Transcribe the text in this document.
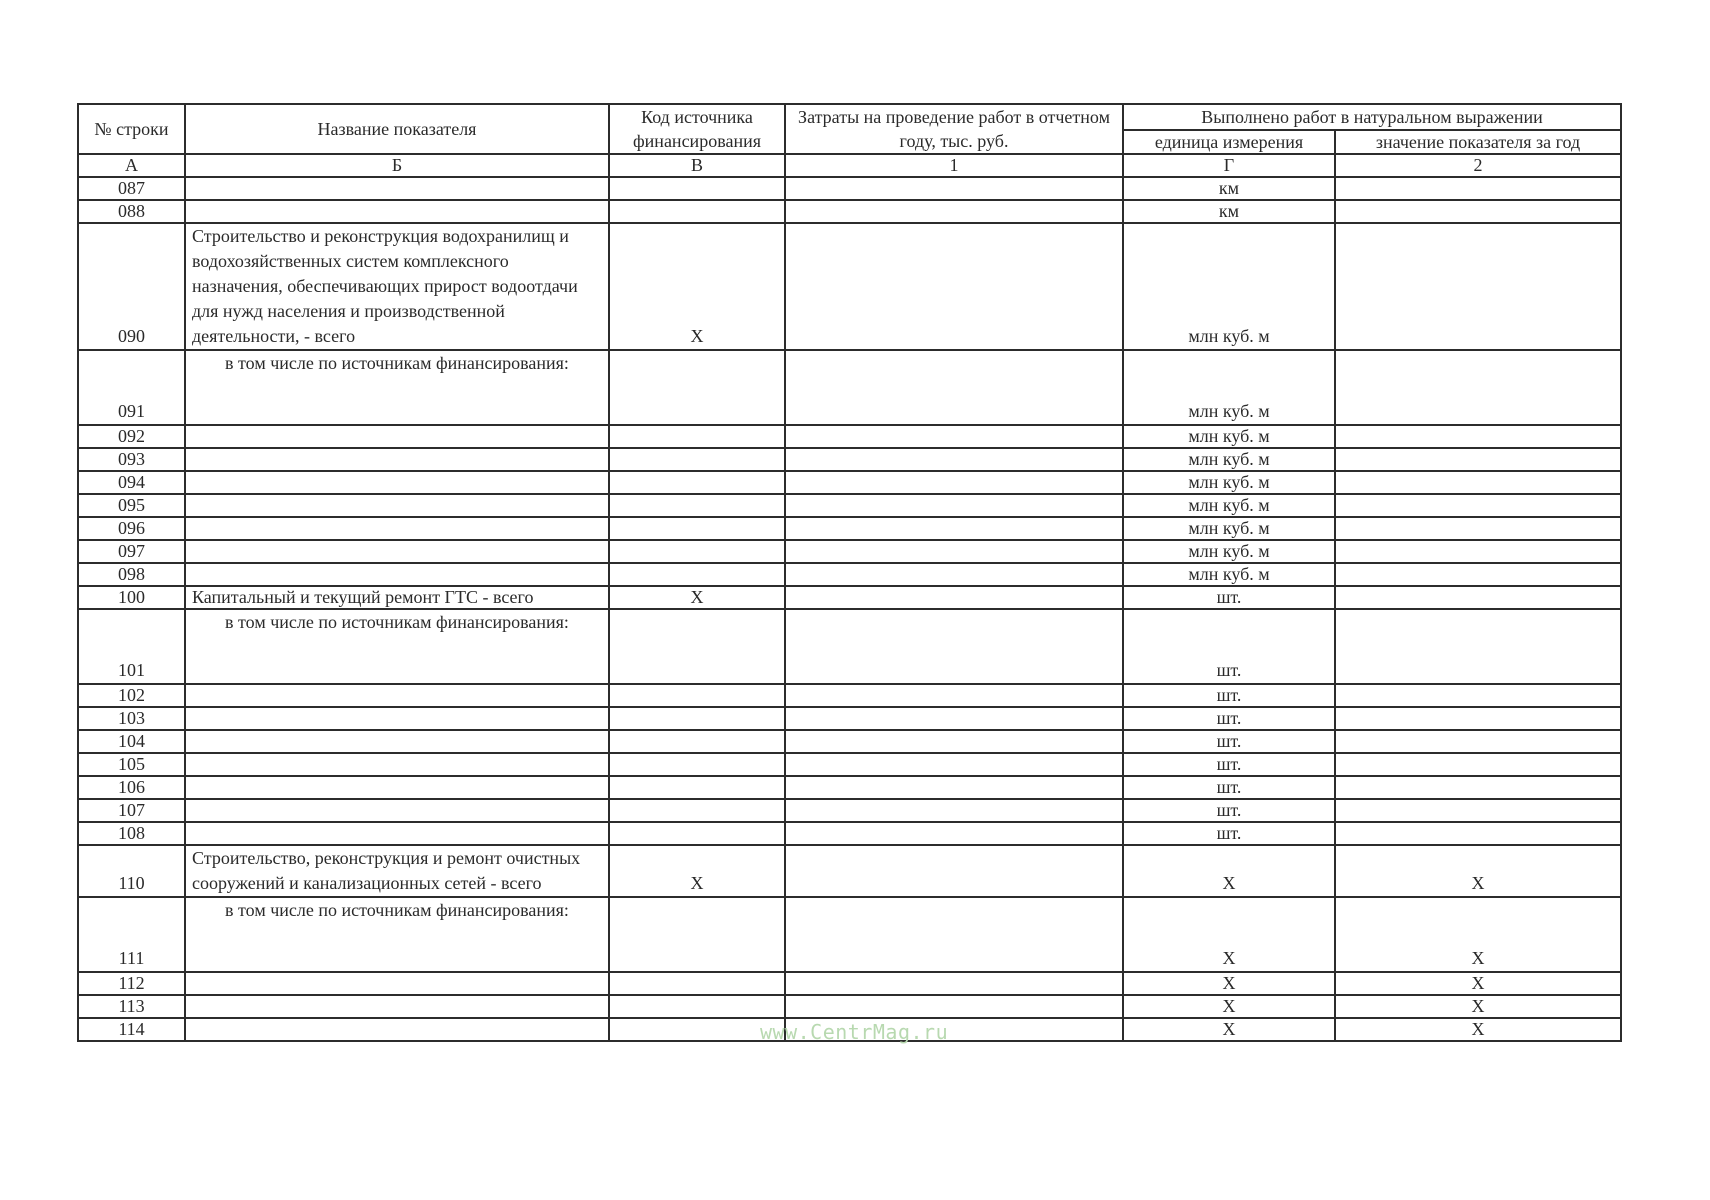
№ строки	Название показателя	Код источника финансирования	Затраты на проведение работ в отчетном году, тыс. руб.	Выполнено работ в натуральном выражении	
				единица измерения	значение показателя за год
А	Б	В	1	Г	2
087				км	
088				км	
090	Строительство и реконструкция водохранилищ и водохозяйственных систем комплексного назначения, обеспечивающих прирост водоотдачи для нужд населения и производственной деятельности, - всего	Х		млн куб. м	
091	в том числе по источникам финансирования:			млн куб. м	
092				млн куб. м	
093				млн куб. м	
094				млн куб. м	
095				млн куб. м	
096				млн куб. м	
097				млн куб. м	
098				млн куб. м	
100	Капитальный и текущий ремонт ГТС - всего	Х		шт.	
101	в том числе по источникам финансирования:			шт.	
102				шт.	
103				шт.	
104				шт.	
105				шт.	
106				шт.	
107				шт.	
108				шт.	
110	Строительство, реконструкция и ремонт очистных сооружений и канализационных сетей - всего	Х		Х	Х
111	в том числе по источникам финансирования:			Х	Х
112				Х	Х
113				Х	Х
114				Х	Х
www.CentrMag.ru
